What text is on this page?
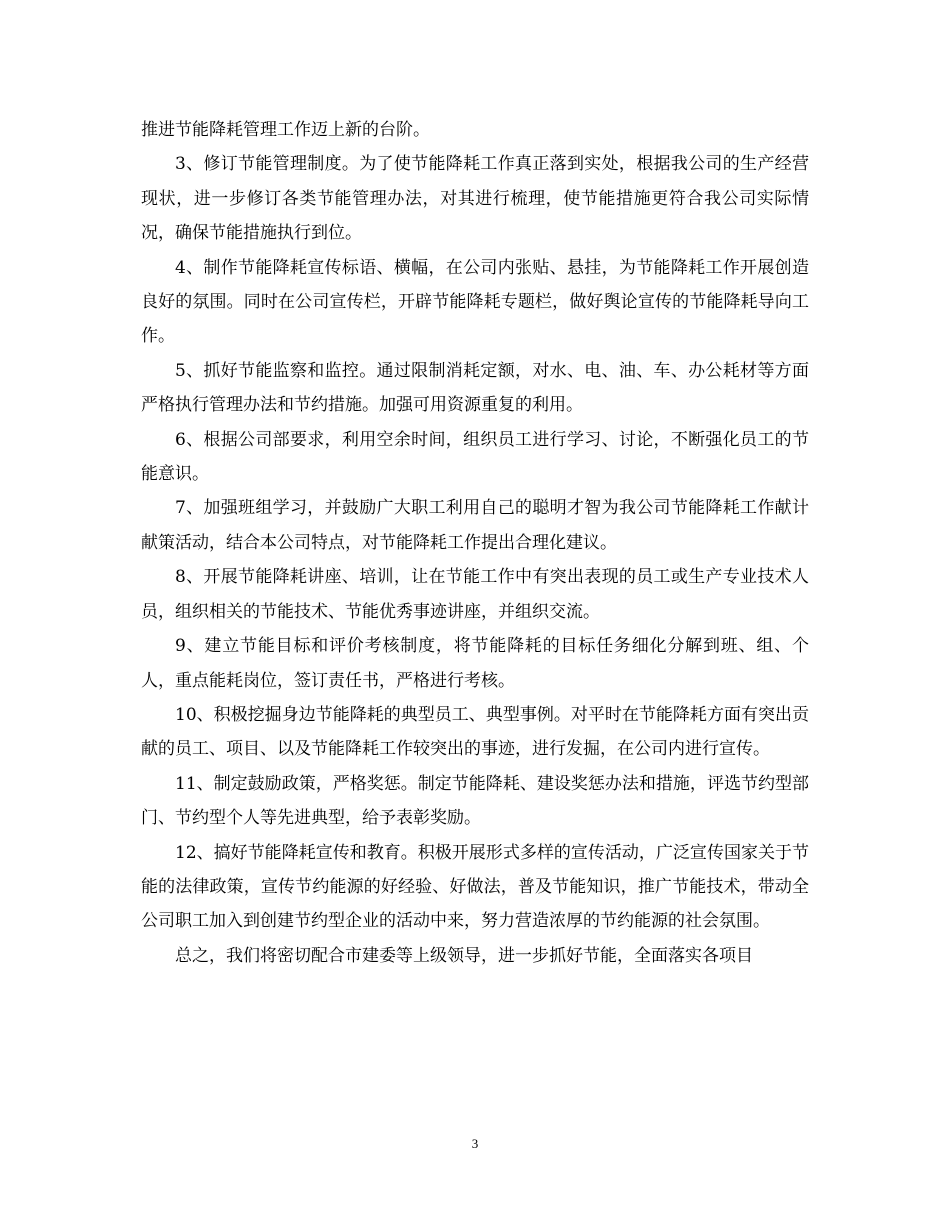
推进节能降耗管理工作迈上新的台阶。

3、修订节能管理制度。为了使节能降耗工作真正落到实处，根据我公司的生产经营现状，进一步修订各类节能管理办法，对其进行梳理，使节能措施更符合我公司实际情况，确保节能措施执行到位。

4、制作节能降耗宣传标语、横幅，在公司内张贴、悬挂，为节能降耗工作开展创造良好的氛围。同时在公司宣传栏，开辟节能降耗专题栏，做好舆论宣传的节能降耗导向工作。

5、抓好节能监察和监控。通过限制消耗定额，对水、电、油、车、办公耗材等方面严格执行管理办法和节约措施。加强可用资源重复的利用。

6、根据公司部要求，利用空余时间，组织员工进行学习、讨论，不断强化员工的节能意识。

7、加强班组学习，并鼓励广大职工利用自己的聪明才智为我公司节能降耗工作献计献策活动，结合本公司特点，对节能降耗工作提出合理化建议。

8、开展节能降耗讲座、培训，让在节能工作中有突出表现的员工或生产专业技术人员，组织相关的节能技术、节能优秀事迹讲座，并组织交流。

9、建立节能目标和评价考核制度，将节能降耗的目标任务细化分解到班、组、个人，重点能耗岗位，签订责任书，严格进行考核。

10、积极挖掘身边节能降耗的典型员工、典型事例。对平时在节能降耗方面有突出贡献的员工、项目、以及节能降耗工作较突出的事迹，进行发掘，在公司内进行宣传。

11、制定鼓励政策，严格奖惩。制定节能降耗、建设奖惩办法和措施，评选节约型部门、节约型个人等先进典型，给予表彰奖励。

12、搞好节能降耗宣传和教育。积极开展形式多样的宣传活动，广泛宣传国家关于节能的法律政策，宣传节约能源的好经验、好做法，普及节能知识，推广节能技术，带动全公司职工加入到创建节约型企业的活动中来，努力营造浓厚的节约能源的社会氛围。

总之，我们将密切配合市建委等上级领导，进一步抓好节能，全面落实各项目

3
